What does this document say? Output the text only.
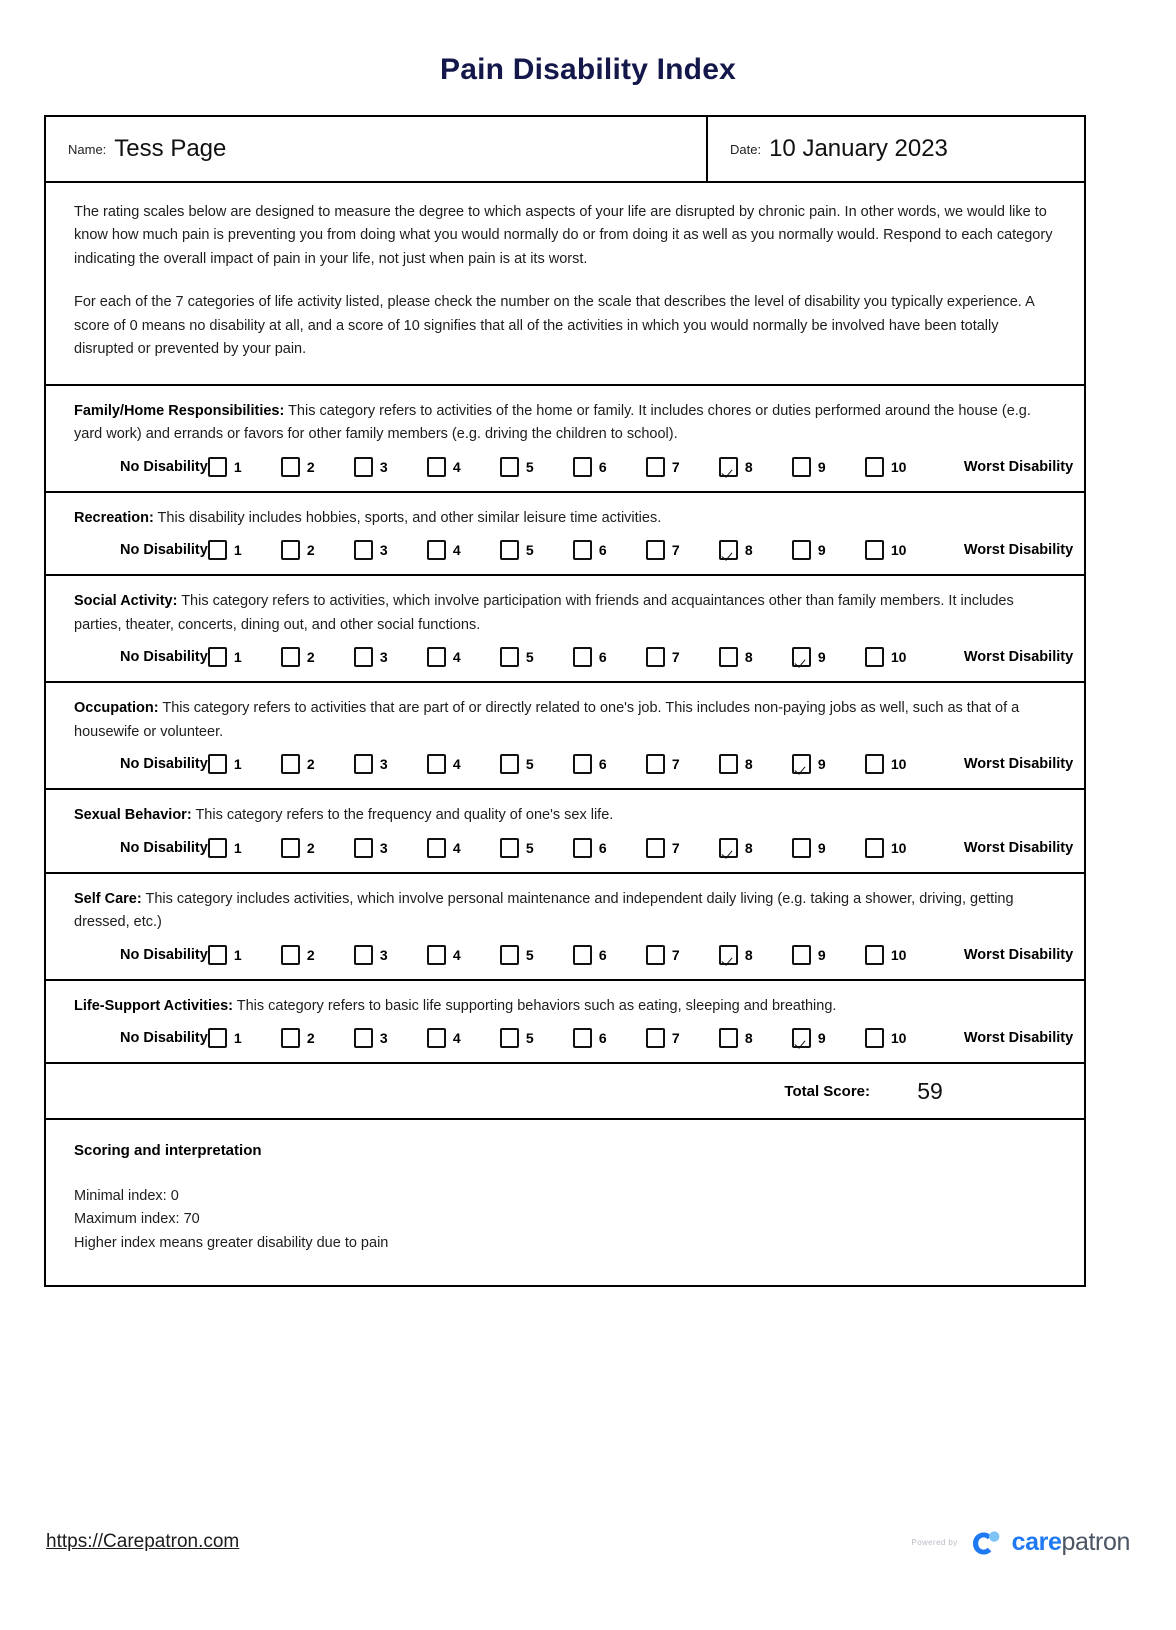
Pain Disability Index
Name: Tess Page	Date: 10 January 2023

The rating scales below are designed to measure the degree to which aspects of your life are disrupted by chronic pain. In other words, we would like to know how much pain is preventing you from doing what you would normally do or from doing it as well as you normally would. Respond to each category indicating the overall impact of pain in your life, not just when pain is at its worst.

For each of the 7 categories of life activity listed, please check the number on the scale that describes the level of disability you typically experience. A score of 0 means no disability at all, and a score of 10 signifies that all of the activities in which you would normally be involved have been totally disrupted or prevented by your pain.

Family/Home Responsibilities: This category refers to activities of the home or family. It includes chores or duties performed around the house (e.g. yard work) and errands or favors for other family members (e.g. driving the children to school).

No Disability 1	2	3	4	5	6	7	8	9	10	Worst Disability

Recreation: This disability includes hobbies, sports, and other similar leisure time activities.

No Disability 1	2	3	4	5	6	7	8	9	10	Worst Disability

Social Activity: This category refers to activities, which involve participation with friends and acquaintances other than family members. It includes parties, theater, concerts, dining out, and other social functions.

No Disability 1	2	3	4	5	6	7	8	9	10	Worst Disability

Occupation: This category refers to activities that are part of or directly related to one's job. This includes non-paying jobs as well, such as that of a housewife or volunteer.

No Disability 1	2	3	4	5	6	7	8	9	10	Worst Disability

Sexual Behavior: This category refers to the frequency and quality of one's sex life.

No Disability 1	2	3	4	5	6	7	8	9	10	Worst Disability

Self Care: This category includes activities, which involve personal maintenance and independent daily living (e.g. taking a shower, driving, getting dressed, etc.)

No Disability 1	2	3	4	5	6	7	8	9	10	Worst Disability

Life-Support Activities: This category refers to basic life supporting behaviors such as eating, sleeping and breathing.

No Disability 1	2	3	4	5	6	7	8	9	10	Worst Disability
Total Score:	59
Scoring and interpretation
Minimal index: 0
Maximum index: 70
Higher index means greater disability due to pain
https://Carepatron.com	Powered by carepatron
